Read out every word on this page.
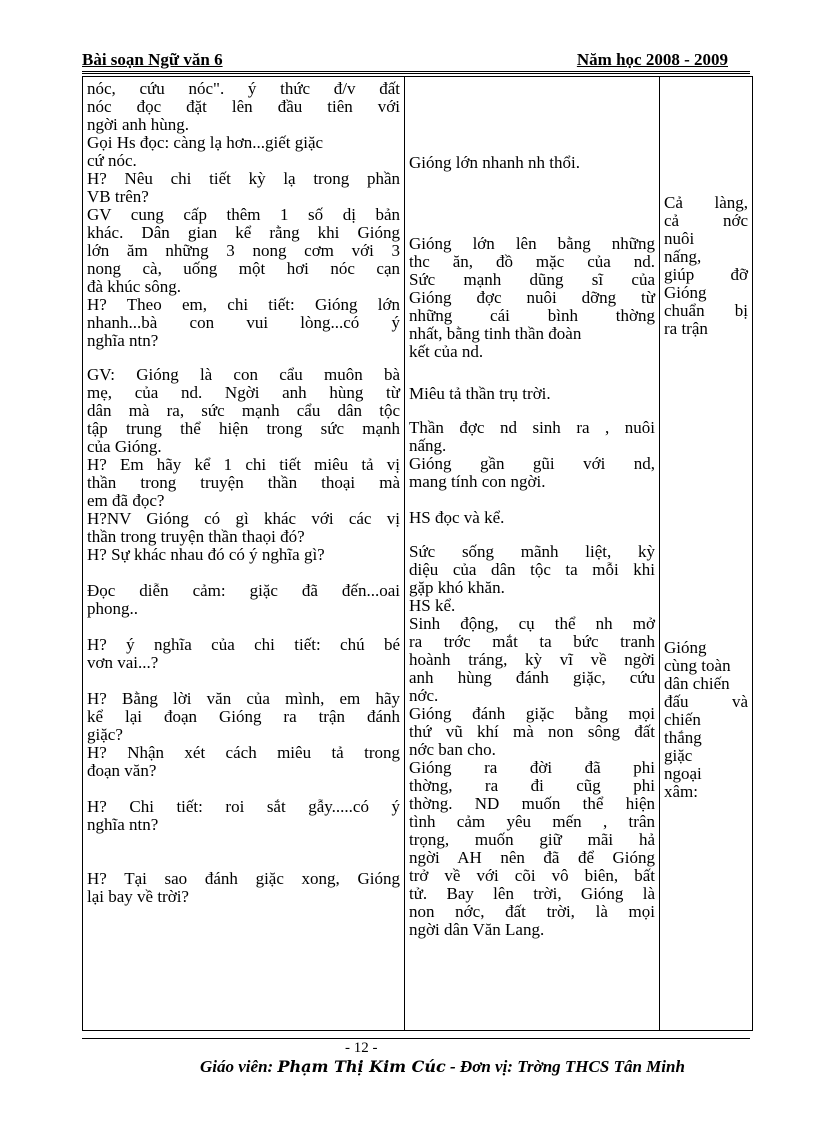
Bài soạn Ngữ văn 6	Năm học 2008 - 2009
nóc, cứu nóc". ý thức đ/v đất
nóc đọc đặt lên đầu tiên với
ngời anh hùng.
Gọi Hs đọc: càng lạ hơn...giết giặc
cứ nóc.
H? Nêu chi tiết kỳ lạ trong phần
VB trên?
GV cung cấp thêm 1 số dị bản
khác. Dân gian kể rằng khi Gióng
lớn ăm những 3 nong cơm với 3
nong cà, uống một hơi nóc cạn
đà khúc sông.
H? Theo em, chi tiết: Gióng lớn
nhanh...bà con vui lòng...có ý
nghĩa ntn?
GV: Gióng là con cẩu muôn bà
mẹ, của nd. Ngời anh hùng từ
dân mà ra, sức mạnh cẩu dân tộc
tập trung thể hiện trong sức mạnh
của Gióng.
H? Em hãy kể 1 chi tiết miêu tả vị
thần trong truyện thần thoại mà
em đã đọc?
H?NV Gióng có gì khác với các vị
thần trong truyện thần thaọi đó?
H? Sự khác nhau đó có ý nghĩa gì?
Đọc diễn cảm: giặc đã đến...oai
phong..
H? ý nghĩa của chi tiết: chú bé
vơn vai...?
H? Bằng lời văn của mình, em hãy
kể lại đoạn Gióng ra trận đánh
giặc?
H? Nhận xét cách miêu tả trong
đoạn văn?
H? Chi tiết: roi sắt gẫy.....có ý
nghĩa ntn?
H? Tại sao đánh giặc xong, Gióng
lại bay về trời?

Gióng lớn nhanh nh thổi.
Gióng lớn lên bằng những
thc ăn, đồ mặc của nd.
Sức mạnh dũng sĩ của
Gióng đợc nuôi dỡng từ
những cái bình thờng
nhất, bằng tinh thần đoàn
kết của nd.
Miêu tả thần trụ trời.
Thần đợc nd sinh ra , nuôi
nấng.
Gióng gần gũi với nd,
mang tính con ngời.
HS đọc và kể.
Sức sống mãnh liệt, kỳ
diệu của dân tộc ta mỗi khi
gặp khó khăn.
HS kể.
Sinh động, cụ thể nh mở
ra trớc mắt ta bức tranh
hoành tráng, kỳ vĩ về ngời
anh hùng đánh giặc, cứu
nớc.
Gióng đánh giặc bằng mọi
thứ vũ khí mà non sông đất
nớc ban cho.
Gióng ra đời đã phi
thờng, ra đi cũg phi
thờng. ND muốn thể hiện
tình cảm yêu mến , trân
trọng, muốn giữ mãi hả
ngời AH nên đã để Gióng
trở về với cõi vô biên, bất
tử. Bay lên trời, Gióng là
non nớc, đất trời, là mọi
ngời dân Văn Lang.

Cả làng,
cả nớc
nuôi
nấng,
giúp đỡ
Gióng
chuẩn bị
ra trận
Gióng
cùng toàn
dân chiến
đấu và
chiến
thắng
giặc
ngoại
xâm:
- 12 -
Giáo viên: Phạm Thị Kim Cúc - Đơn vị: Trờng THCS Tân Minh
